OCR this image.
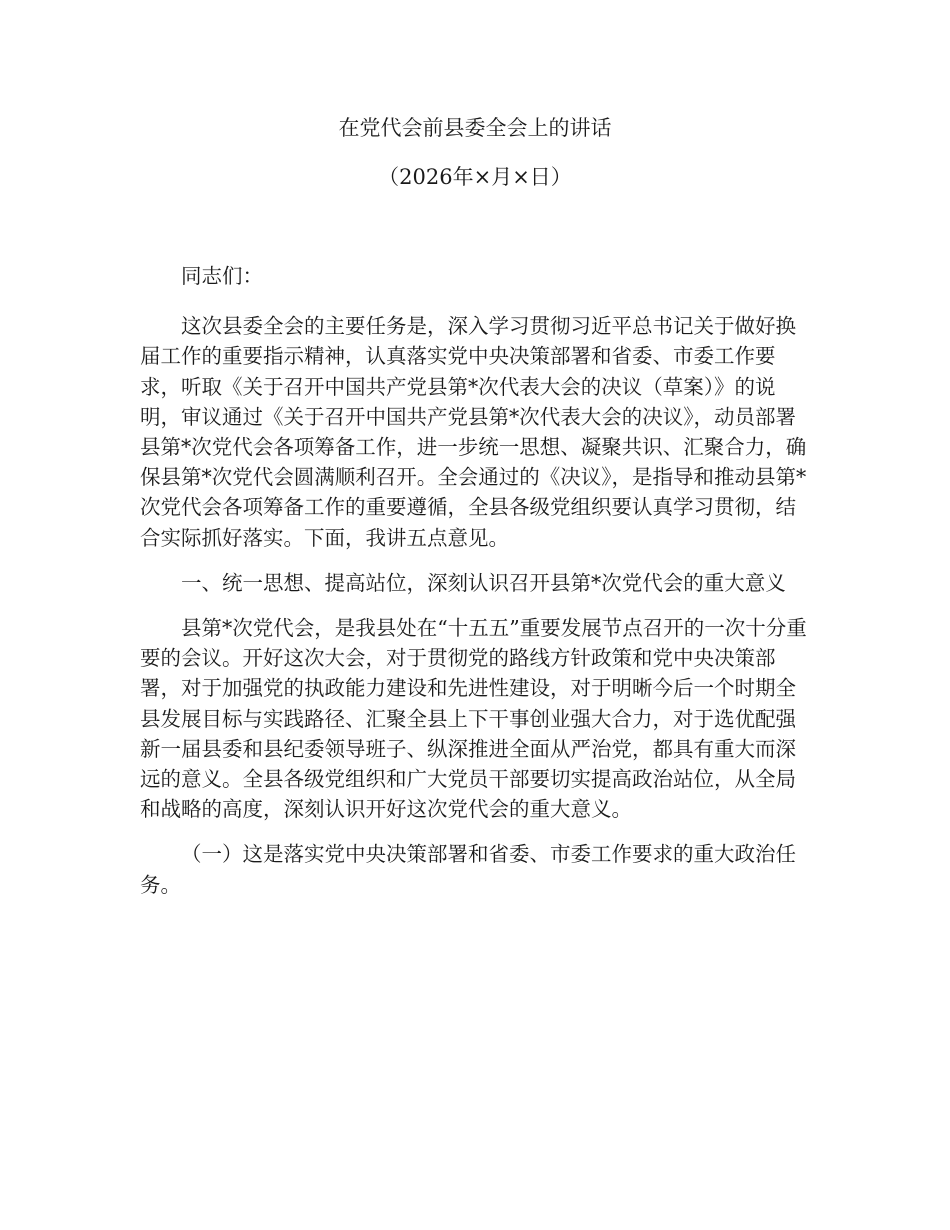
在党代会前县委全会上的讲话
（2026年×月×日）

同志们：

这次县委全会的主要任务是，深入学习贯彻习近平总书记关于做好换届工作的重要指示精神，认真落实党中央决策部署和省委、市委工作要求，听取《关于召开中国共产党县第*次代表大会的决议（草案）》的说明，审议通过《关于召开中国共产党县第*次代表大会的决议》，动员部署县第*次党代会各项筹备工作，进一步统一思想、凝聚共识、汇聚合力，确保县第*次党代会圆满顺利召开。全会通过的《决议》，是指导和推动县第*次党代会各项筹备工作的重要遵循，全县各级党组织要认真学习贯彻，结合实际抓好落实。下面，我讲五点意见。

一、统一思想、提高站位，深刻认识召开县第*次党代会的重大意义

县第*次党代会，是我县处在“十五五”重要发展节点召开的一次十分重要的会议。开好这次大会，对于贯彻党的路线方针政策和党中央决策部署，对于加强党的执政能力建设和先进性建设，对于明晰今后一个时期全县发展目标与实践路径、汇聚全县上下干事创业强大合力，对于选优配强新一届县委和县纪委领导班子、纵深推进全面从严治党，都具有重大而深远的意义。全县各级党组织和广大党员干部要切实提高政治站位，从全局和战略的高度，深刻认识开好这次党代会的重大意义。

（一）这是落实党中央决策部署和省委、市委工作要求的重大政治任务。
